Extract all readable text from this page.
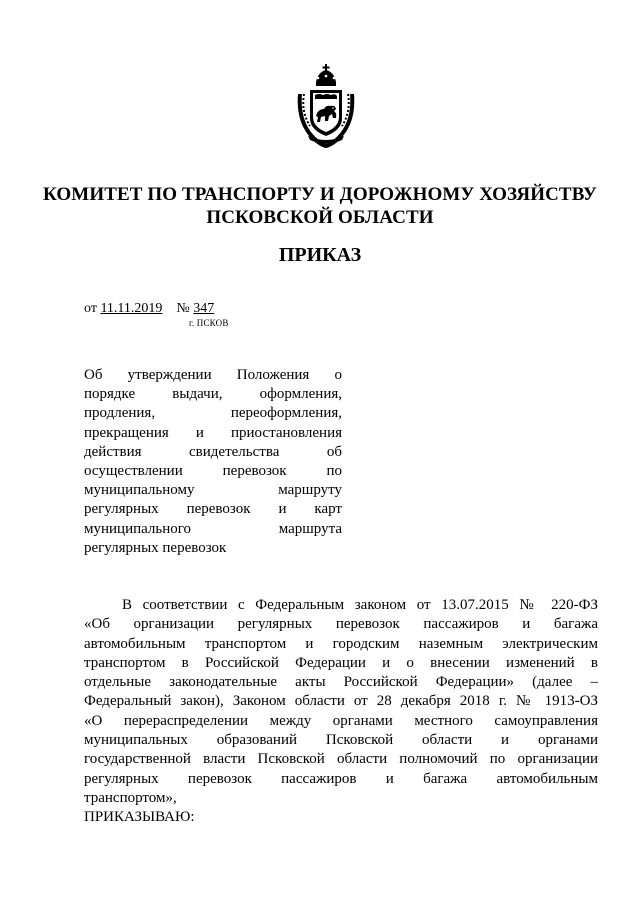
КОМИТЕТ ПО ТРАНСПОРТУ И ДОРОЖНОМУ ХОЗЯЙСТВУ
ПСКОВСКОЙ ОБЛАСТИ
ПРИКАЗ
от 11.11.2019 № 347
г. ПСКОВ
Об утверждении Положения о
порядке выдачи, оформления,
продления, переоформления,
прекращения и приостановления
действия свидетельства об
осуществлении перевозок по
муниципальному маршруту
регулярных перевозок и карт
муниципального маршрута
регулярных перевозок
В соответствии с Федеральным законом от 13.07.2015 № 220-ФЗ
«Об организации регулярных перевозок пассажиров и багажа
автомобильным транспортом и городским наземным электрическим
транспортом в Российской Федерации и о внесении изменений в
отдельные законодательные акты Российской Федерации» (далее –
Федеральный закон), Законом области от 28 декабря 2018 г. № 1913-ОЗ
«О перераспределении между органами местного самоуправления
муниципальных образований Псковской области и органами
государственной власти Псковской области полномочий по организации
регулярных перевозок пассажиров и багажа автомобильным
транспортом»,
ПРИКАЗЫВАЮ:
